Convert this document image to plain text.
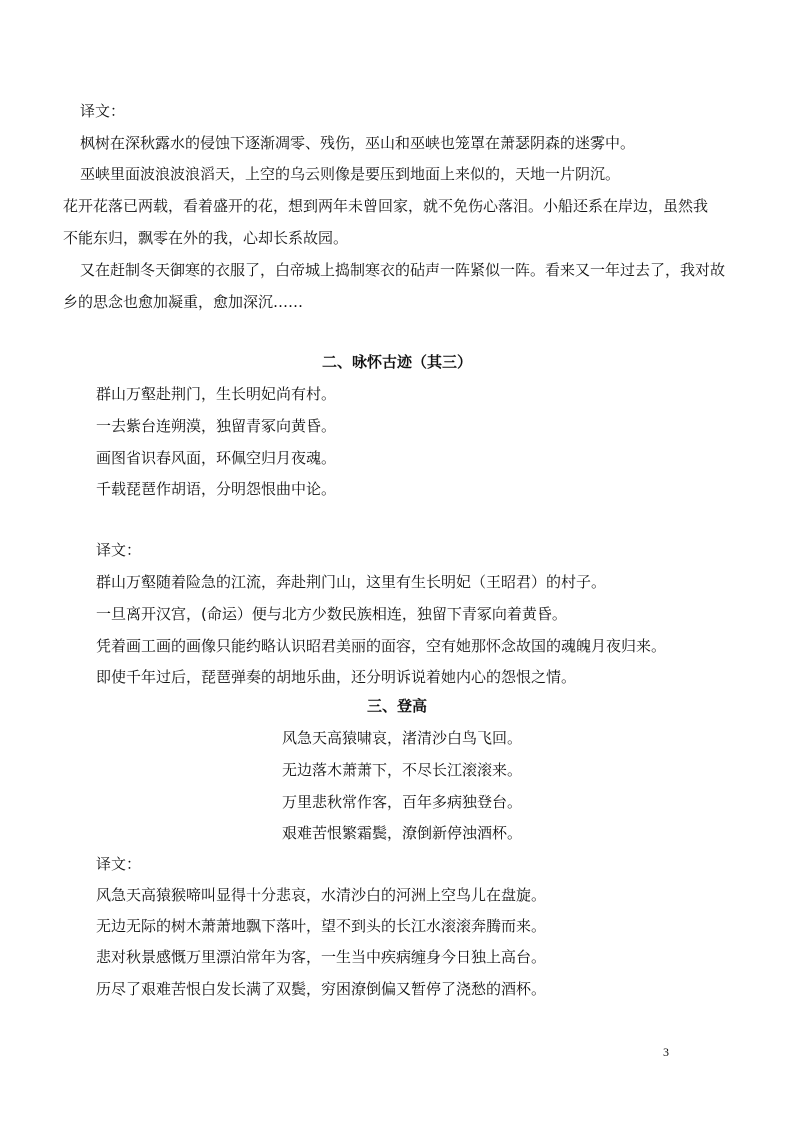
译文：
枫树在深秋露水的侵蚀下逐渐凋零、残伤，巫山和巫峡也笼罩在萧瑟阴森的迷雾中。
巫峡里面波浪波浪滔天，上空的乌云则像是要压到地面上来似的，天地一片阴沉。
花开花落已两载，看着盛开的花，想到两年未曾回家，就不免伤心落泪。小船还系在岸边，虽然我
不能东归，飘零在外的我，心却长系故园。
又在赶制冬天御寒的衣服了，白帝城上捣制寒衣的砧声一阵紧似一阵。看来又一年过去了，我对故
乡的思念也愈加凝重，愈加深沉……
二、咏怀古迹（其三）
群山万壑赴荆门，生长明妃尚有村。
一去紫台连朔漠，独留青冢向黄昏。
画图省识春风面，环佩空归月夜魂。
千载琵琶作胡语，分明怨恨曲中论。
译文：
群山万壑随着险急的江流，奔赴荆门山，这里有生长明妃（王昭君）的村子。
一旦离开汉宫，(命运）便与北方少数民族相连，独留下青冢向着黄昏。
凭着画工画的画像只能约略认识昭君美丽的面容，空有她那怀念故国的魂魄月夜归来。
即使千年过后，琵琶弹奏的胡地乐曲，还分明诉说着她内心的怨恨之情。
三、登高
风急天高猿啸哀，渚清沙白鸟飞回。
无边落木萧萧下，不尽长江滚滚来。
万里悲秋常作客，百年多病独登台。
艰难苦恨繁霜鬓，潦倒新停浊酒杯。
译文：
风急天高猿猴啼叫显得十分悲哀，水清沙白的河洲上空鸟儿在盘旋。
无边无际的树木萧萧地飘下落叶，望不到头的长江水滚滚奔腾而来。
悲对秋景感慨万里漂泊常年为客，一生当中疾病缠身今日独上高台。
历尽了艰难苦恨白发长满了双鬓，穷困潦倒偏又暂停了浇愁的酒杯。
3
